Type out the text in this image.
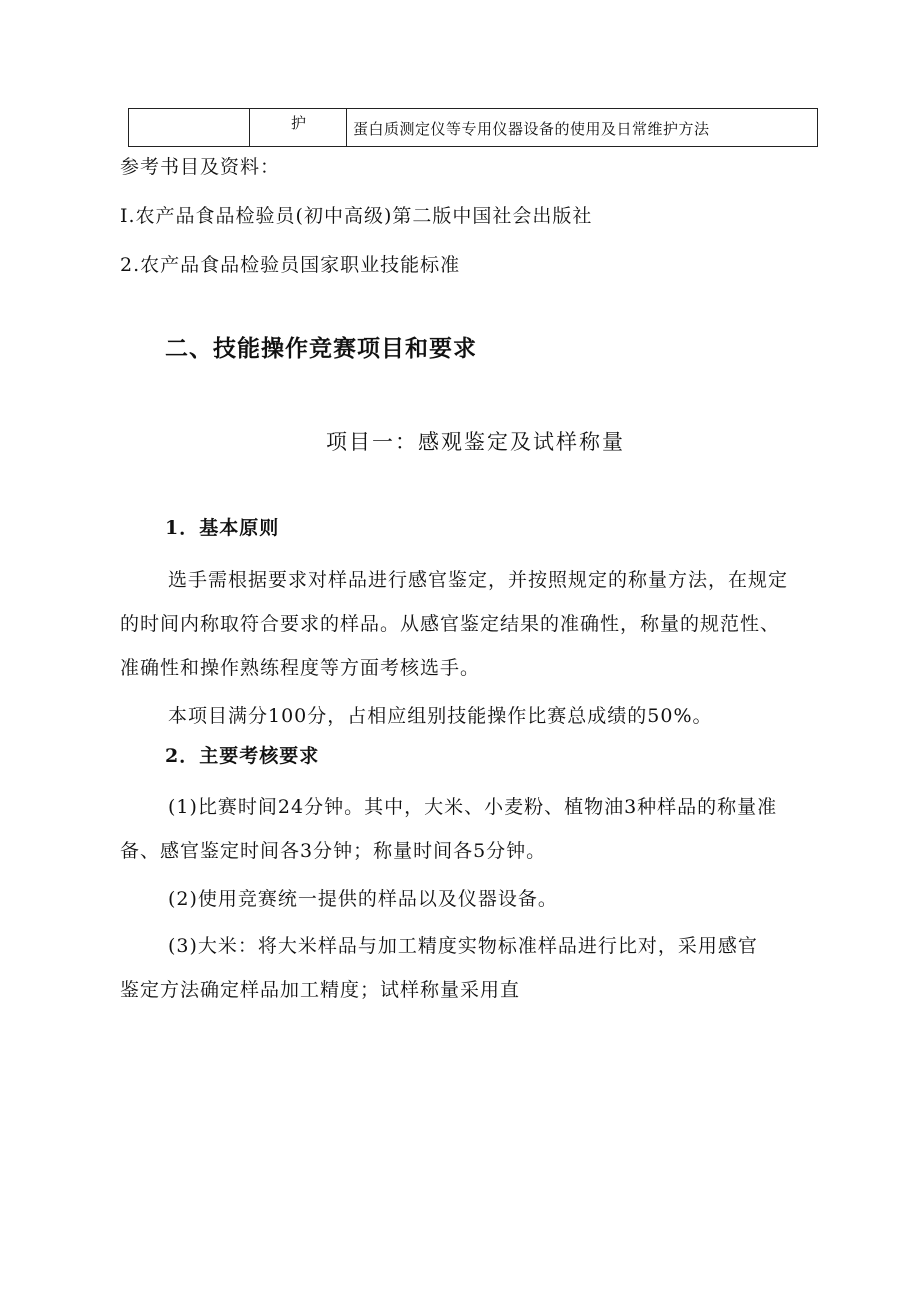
护	蛋白质测定仪等专用仪器设备的使用及日常维护方法
参考书目及资料：
I.农产品食品检验员(初中高级)第二版中国社会出版社
2.农产品食品检验员国家职业技能标准
二、技能操作竞赛项目和要求
项目一：感观鉴定及试样称量
1．基本原则
选手需根据要求对样品进行感官鉴定，并按照规定的称量方法，在规定
的时间内称取符合要求的样品。从感官鉴定结果的准确性，称量的规范性、
准确性和操作熟练程度等方面考核选手。
本项目满分100分，占相应组别技能操作比赛总成绩的50%。
2．主要考核要求
(1)比赛时间24分钟。其中，大米、小麦粉、植物油3种样品的称量准
备、感官鉴定时间各3分钟；称量时间各5分钟。
(2)使用竞赛统一提供的样品以及仪器设备。
(3)大米：将大米样品与加工精度实物标准样品进行比对，采用感官
鉴定方法确定样品加工精度；试样称量采用直
